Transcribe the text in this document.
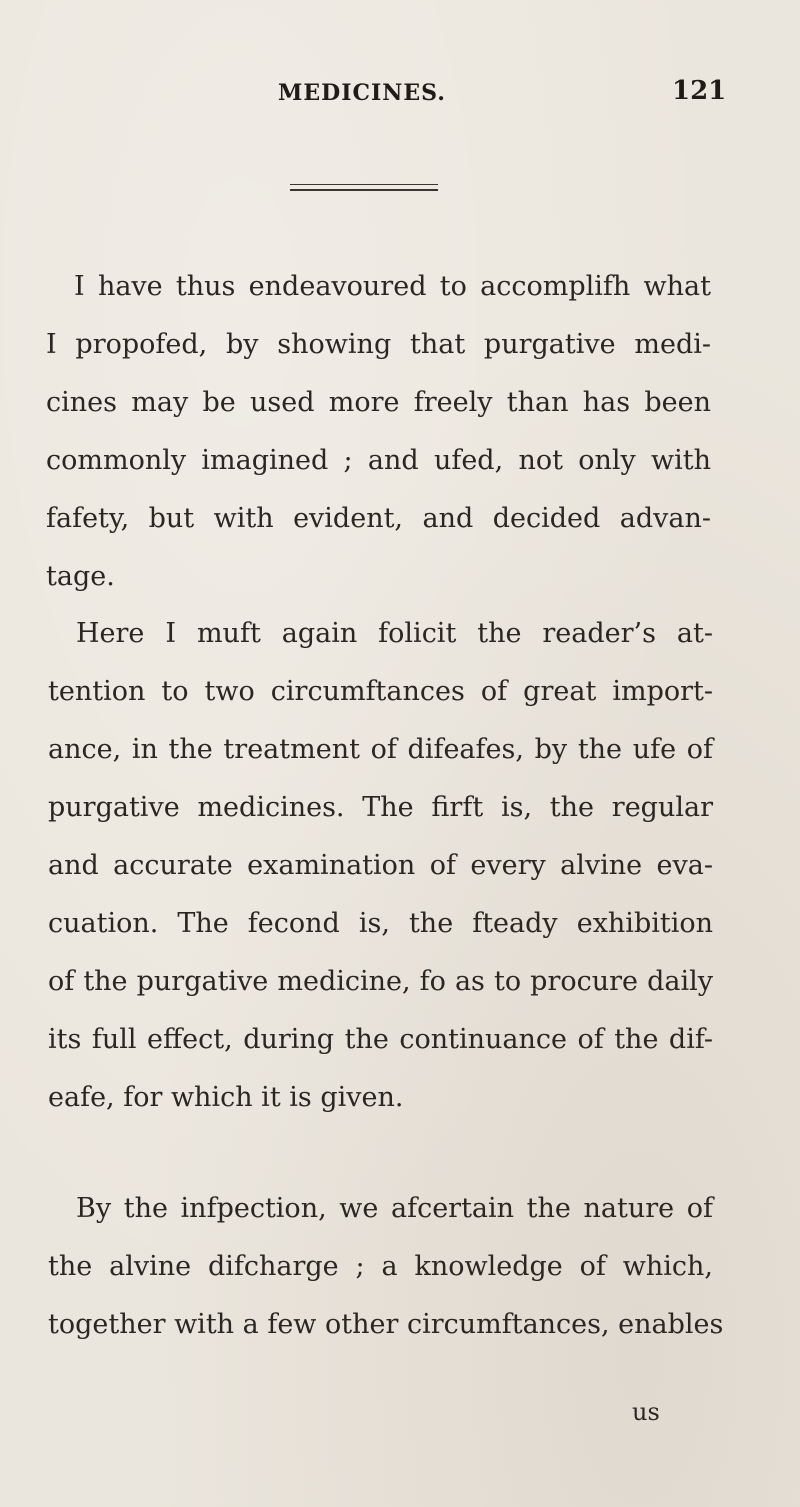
MEDICINES.	121
I have thus endeavoured to accomplifh what
I propofed, by showing that purgative medi-
cines may be used more freely than has been
commonly imagined ; and ufed, not only with
fafety, but with evident, and decided advan-
tage.
Here I muft again folicit the reader’s at-
tention to two circumftances of great import-
ance, in the treatment of difeafes, by the ufe of
purgative medicines. The firft is, the regular
and accurate examination of every alvine eva-
cuation. The fecond is, the fteady exhibition
of the purgative medicine, fo as to procure daily
its full effect, during the continuance of the dif-
eafe, for which it is given.
By the infpection, we afcertain the nature of
the alvine difcharge ; a knowledge of which,
together with a few other circumftances, enables
us
